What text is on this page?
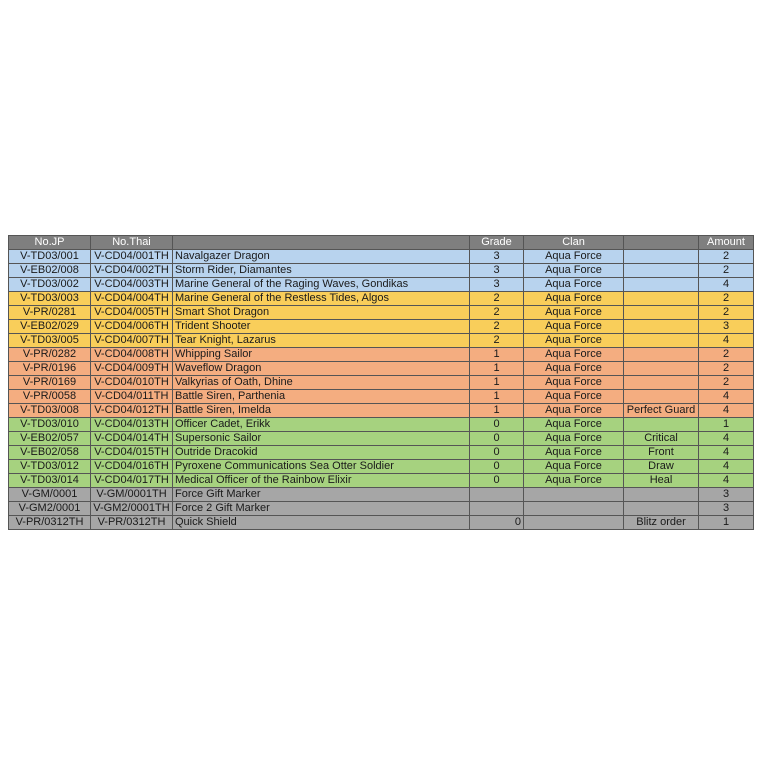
No.JP	No.Thai		Grade	Clan		Amount
V-TD03/001	V-CD04/001TH	Navalgazer Dragon	3	Aqua Force		2
V-EB02/008	V-CD04/002TH	Storm Rider, Diamantes	3	Aqua Force		2
V-TD03/002	V-CD04/003TH	Marine General of the Raging Waves, Gondikas	3	Aqua Force		4
V-TD03/003	V-CD04/004TH	Marine General of the Restless Tides, Algos	2	Aqua Force		2
V-PR/0281	V-CD04/005TH	Smart Shot Dragon	2	Aqua Force		2
V-EB02/029	V-CD04/006TH	Trident Shooter	2	Aqua Force		3
V-TD03/005	V-CD04/007TH	Tear Knight, Lazarus	2	Aqua Force		4
V-PR/0282	V-CD04/008TH	Whipping Sailor	1	Aqua Force		2
V-PR/0196	V-CD04/009TH	Waveflow Dragon	1	Aqua Force		2
V-PR/0169	V-CD04/010TH	Valkyrias of Oath, Dhine	1	Aqua Force		2
V-PR/0058	V-CD04/011TH	Battle Siren, Parthenia	1	Aqua Force		4
V-TD03/008	V-CD04/012TH	Battle Siren, Imelda	1	Aqua Force	Perfect Guard	4
V-TD03/010	V-CD04/013TH	Officer Cadet, Erikk	0	Aqua Force		1
V-EB02/057	V-CD04/014TH	Supersonic Sailor	0	Aqua Force	Critical	4
V-EB02/058	V-CD04/015TH	Outride Dracokid	0	Aqua Force	Front	4
V-TD03/012	V-CD04/016TH	Pyroxene Communications Sea Otter Soldier	0	Aqua Force	Draw	4
V-TD03/014	V-CD04/017TH	Medical Officer of the Rainbow Elixir	0	Aqua Force	Heal	4
V-GM/0001	V-GM/0001TH	Force Gift Marker				3
V-GM2/0001	V-GM2/0001TH	Force 2 Gift Marker				3
V-PR/0312TH	V-PR/0312TH	Quick Shield	0		Blitz order	1
